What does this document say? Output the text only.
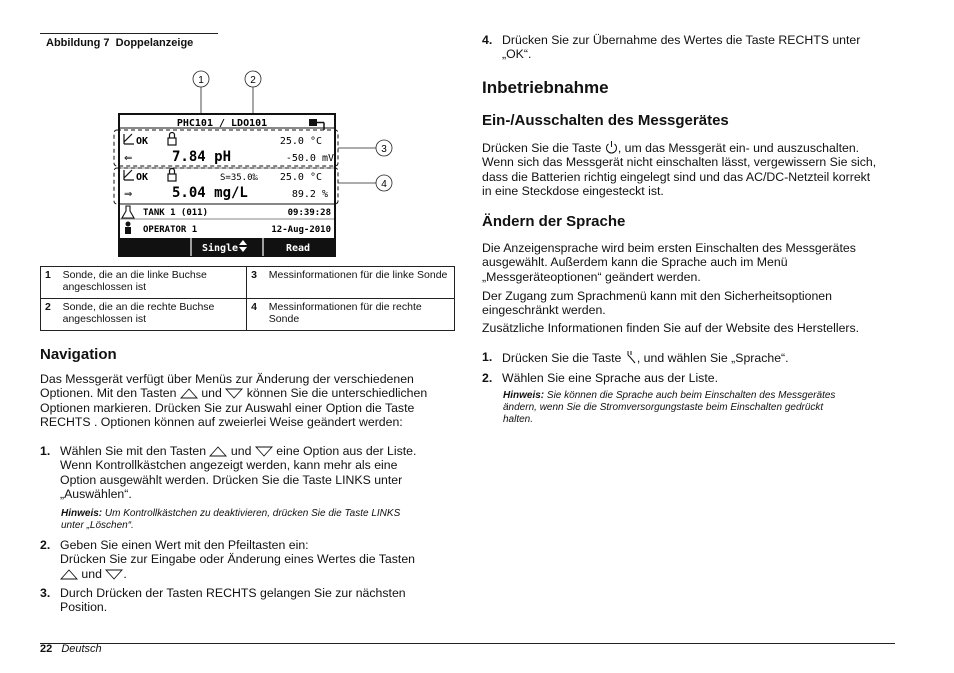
Abbildung 7  Doppelanzeige
1	2
PHC101 / LDO101
OK	25.0 °C
⇐	7.84 pH	-50.0 mV
OK	S=35.0‰ 25.0 °C
⇒	5.04 mg/L	89.2 %
TANK 1 (011)	09:39:28
OPERATOR 1	12-Aug-2010
Single	Read
3
4
1	Sonde, die an die linke Buchse angeschlossen ist	3	Messinformationen für die linke Sonde
2	Sonde, die an die rechte Buchse angeschlossen ist	4	Messinformationen für die rechte Sonde
Navigation
Das Messgerät verfügt über Menüs zur Änderung der verschiedenen
Optionen. Mit den Tasten und können Sie die unterschiedlichen
Optionen markieren. Drücken Sie zur Auswahl einer Option die Taste
RECHTS . Optionen können auf zweierlei Weise geändert werden:
1. Wählen Sie mit den Tasten und eine Option aus der Liste.
Wenn Kontrollkästchen angezeigt werden, kann mehr als eine
Option ausgewählt werden. Drücken Sie die Taste LINKS unter
„Auswählen“.
Hinweis: Um Kontrollkästchen zu deaktivieren, drücken Sie die Taste LINKS
unter „Löschen“.
2. Geben Sie einen Wert mit den Pfeiltasten ein:
Drücken Sie zur Eingabe oder Änderung eines Wertes die Tasten
und .
3. Durch Drücken der Tasten RECHTS gelangen Sie zur nächsten
Position.
4. Drücken Sie zur Übernahme des Wertes die Taste RECHTS unter
„OK“.
Inbetriebnahme
Ein-/Ausschalten des Messgerätes
Drücken Sie die Taste , um das Messgerät ein- und auszuschalten.
Wenn sich das Messgerät nicht einschalten lässt, vergewissern Sie sich,
dass die Batterien richtig eingelegt sind und das AC/DC-Netzteil korrekt
in eine Steckdose eingesteckt ist.
Ändern der Sprache
Die Anzeigensprache wird beim ersten Einschalten des Messgerätes
ausgewählt. Außerdem kann die Sprache auch im Menü
„Messgeräteoptionen“ geändert werden.
Der Zugang zum Sprachmenü kann mit den Sicherheitsoptionen
eingeschränkt werden.
Zusätzliche Informationen finden Sie auf der Website des Herstellers.
1. Drücken Sie die Taste , und wählen Sie „Sprache“.
2. Wählen Sie eine Sprache aus der Liste.
Hinweis: Sie können die Sprache auch beim Einschalten des Messgerätes
ändern, wenn Sie die Stromversorgungstaste beim Einschalten gedrückt
halten.
22 Deutsch
